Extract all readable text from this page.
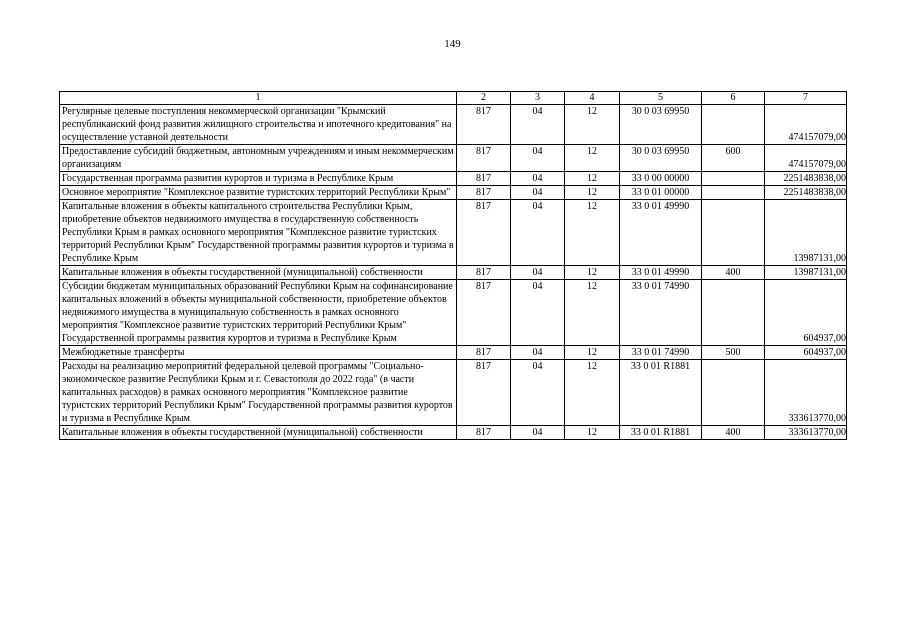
149
1	2	3	4	5	6	7
Регулярные целевые поступления некоммерческой организации "Крымский республиканский фонд развития жилищного строительства и ипотечного кредитования" на осуществление уставной деятельности	817	04	12	30 0 03 69950		474157079,00
Предоставление субсидий бюджетным, автономным учреждениям и иным некоммерческим организациям	817	04	12	30 0 03 69950	600	474157079,00
Государственная программа развития курортов и туризма в Республике Крым	817	04	12	33 0 00 00000		2251483838,00
Основное мероприятие "Комплексное развитие туристских территорий Республики Крым"	817	04	12	33 0 01 00000		2251483838,00
Капитальные вложения в объекты капитального строительства Республики Крым, приобретение объектов недвижимого имущества в государственную собственность Республики Крым в рамках основного мероприятия "Комплексное развитие туристских территорий Республики Крым" Государственной программы развития курортов и туризма в Республике Крым	817	04	12	33 0 01 49990		13987131,00
Капитальные вложения в объекты государственной (муниципальной) собственности	817	04	12	33 0 01 49990	400	13987131,00
Субсидии бюджетам муниципальных образований Республики Крым на софинансирование капитальных вложений в объекты муниципальной собственности, приобретение объектов недвижимого имущества в муниципальную собственность в рамках основного мероприятия "Комплексное развитие туристских территорий Республики Крым" Государственной программы развития курортов и туризма в Республике Крым	817	04	12	33 0 01 74990		604937,00
Межбюджетные трансферты	817	04	12	33 0 01 74990	500	604937,00
Расходы на реализацию мероприятий федеральной целевой программы "Социально-экономическое развитие Республики Крым и г. Севастополя до 2022 года" (в части капитальных расходов) в рамках основного мероприятия "Комплексное развитие туристских территорий Республики Крым" Государственной программы развития курортов и туризма в Республике Крым	817	04	12	33 0 01 R1881		333613770,00
Капитальные вложения в объекты государственной (муниципальной) собственности	817	04	12	33 0 01 R1881	400	333613770,00
